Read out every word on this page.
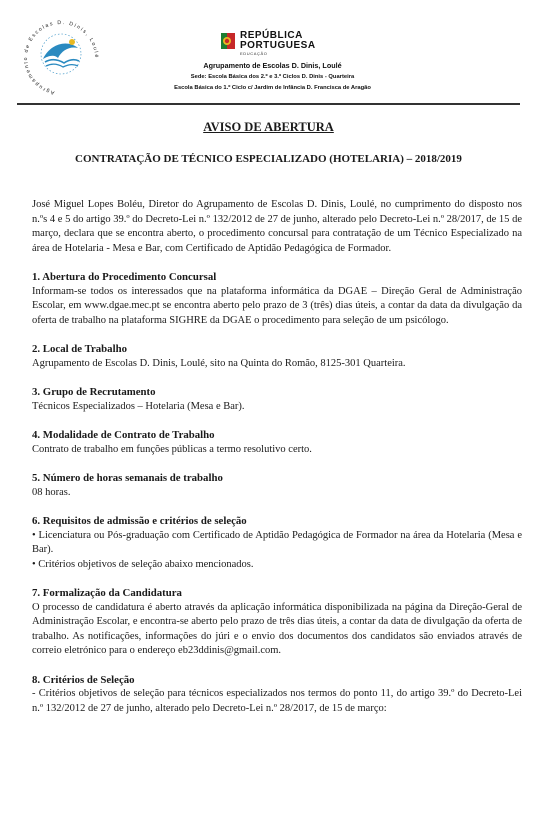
Agrupamento de Escolas D. Dinis, Loulé
REPÚBLICA
PORTUGUESA
EDUCAÇÃO
Agrupamento de Escolas D. Dinis, Loulé
Sede: Escola Básica dos 2.º e 3.º Ciclos D. Dinis - Quarteira
Escola Básica do 1.º Ciclo c/ Jardim de Infância D. Francisca de Aragão
AVISO DE ABERTURA
CONTRATAÇÃO DE TÉCNICO ESPECIALIZADO (HOTELARIA) – 2018/2019

José Miguel Lopes Boléu, Diretor do Agrupamento de Escolas D. Dinis, Loulé, no cumprimento do disposto nos n.ºs 4 e 5 do artigo 39.º do Decreto-Lei n.º 132/2012 de 27 de junho, alterado pelo Decreto-Lei n.º 28/2017, de 15 de março, declara que se encontra aberto, o procedimento concursal para contratação de um Técnico Especializado na área de Hotelaria - Mesa e Bar, com Certificado de Aptidão Pedagógica de Formador.

1. Abertura do Procedimento Concursal

Informam-se todos os interessados que na plataforma informática da DGAE – Direção Geral de Administração Escolar, em www.dgae.mec.pt se encontra aberto pelo prazo de 3 (três) dias úteis, a contar da data da divulgação da oferta de trabalho na plataforma SIGHRE da DGAE o procedimento para seleção de um psicólogo.

2. Local de Trabalho

Agrupamento de Escolas D. Dinis, Loulé, sito na Quinta do Romão, 8125-301 Quarteira.

3. Grupo de Recrutamento

Técnicos Especializados – Hotelaria (Mesa e Bar).

4. Modalidade de Contrato de Trabalho

Contrato de trabalho em funções públicas a termo resolutivo certo.

5. Número de horas semanais de trabalho

08 horas.

6. Requisitos de admissão e critérios de seleção

• Licenciatura ou Pós-graduação com Certificado de Aptidão Pedagógica de Formador na área da Hotelaria (Mesa e Bar).

• Critérios objetivos de seleção abaixo mencionados.

7. Formalização da Candidatura

O processo de candidatura é aberto através da aplicação informática disponibilizada na página da Direção-Geral de Administração Escolar, e encontra-se aberto pelo prazo de três dias úteis, a contar da data de divulgação da oferta de trabalho. As notificações, informações do júri e o envio dos documentos dos candidatos são enviados através de correio eletrónico para o endereço eb23ddinis@gmail.com.

8. Critérios de Seleção

- Critérios objetivos de seleção para técnicos especializados nos termos do ponto 11, do artigo 39.º do Decreto-Lei n.º 132/2012 de 27 de junho, alterado pelo Decreto-Lei n.º 28/2017, de 15 de março:
